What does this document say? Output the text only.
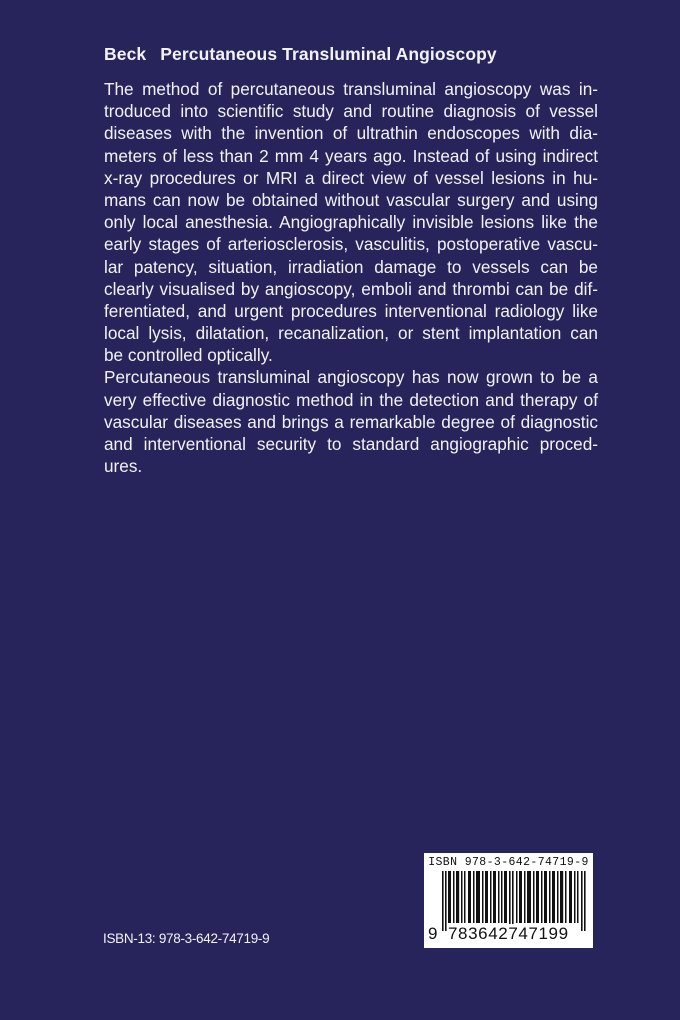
Beck Percutaneous Transluminal Angioscopy
The method of percutaneous transluminal angioscopy was in-
troduced into scientific study and routine diagnosis of vessel
diseases with the invention of ultrathin endoscopes with dia-
meters of less than 2 mm 4 years ago. Instead of using indirect
x-ray procedures or MRI a direct view of vessel lesions in hu-
mans can now be obtained without vascular surgery and using
only local anesthesia. Angiographically invisible lesions like the
early stages of arteriosclerosis, vasculitis, postoperative vascu-
lar patency, situation, irradiation damage to vessels can be
clearly visualised by angioscopy, emboli and thrombi can be dif-
ferentiated, and urgent procedures interventional radiology like
local lysis, dilatation, recanalization, or stent implantation can
be controlled optically.
Percutaneous transluminal angioscopy has now grown to be a
very effective diagnostic method in the detection and therapy of
vascular diseases and brings a remarkable degree of diagnostic
and interventional security to standard angiographic proced-
ures.
ISBN-13: 978-3-642-74719-9
ISBN 978-3-642-74719-9
9 783642747199
